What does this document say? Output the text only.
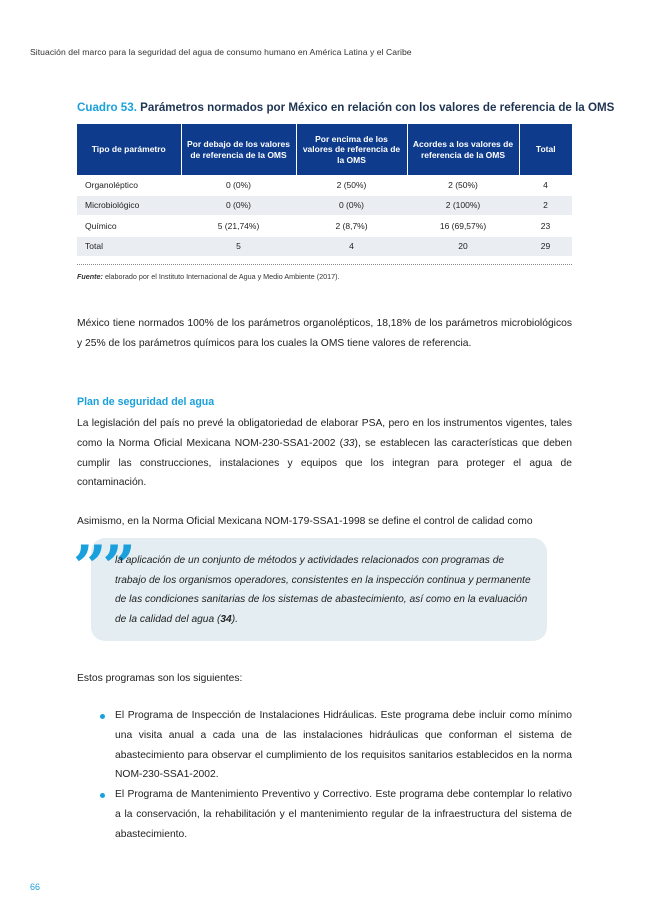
Situación del marco para la seguridad del agua de consumo humano en América Latina y el Caribe
Cuadro 53. Parámetros normados por México en relación con los valores de referencia de la OMS
Tipo de parámetro	Por debajo de los valores de referencia de la OMS	Por encima de los valores de referencia de la OMS	Acordes a los valores de referencia de la OMS	Total
Organoléptico	0 (0%)	2 (50%)	2 (50%)	4
Microbiológico	0 (0%)	0 (0%)	2 (100%)	2
Químico	5 (21,74%)	2 (8,7%)	16 (69,57%)	23
Total	5	4	20	29
Fuente: elaborado por el Instituto Internacional de Agua y Medio Ambiente (2017).

México tiene normados 100% de los parámetros organolépticos, 18,18% de los parámetros microbiológicos y 25% de los parámetros químicos para los cuales la OMS tiene valores de referencia.

Plan de seguridad del agua

La legislación del país no prevé la obligatoriedad de elaborar PSA, pero en los instrumentos vigentes, tales como la Norma Oficial Mexicana NOM-230-SSA1-2002 (33), se establecen las características que deben cumplir las construcciones, instalaciones y equipos que los integran para proteger el agua de contaminación.

Asimismo, en la Norma Oficial Mexicana NOM-179-SSA1-1998 se define el control de calidad como

””

la aplicación de un conjunto de métodos y actividades relacionados con programas de trabajo de los organismos operadores, consistentes en la inspección continua y permanente de las condiciones sanitarias de los sistemas de abastecimiento, así como en la evaluación de la calidad del agua (34).

Estos programas son los siguientes:

El Programa de Inspección de Instalaciones Hidráulicas. Este programa debe incluir como mínimo una visita anual a cada una de las instalaciones hidráulicas que conforman el sistema de abastecimiento para observar el cumplimiento de los requisitos sanitarios establecidos en la norma NOM-230-SSA1-2002.
El Programa de Mantenimiento Preventivo y Correctivo. Este programa debe contemplar lo relativo a la conservación, la rehabilitación y el mantenimiento regular de la infraestructura del sistema de abastecimiento.
66
